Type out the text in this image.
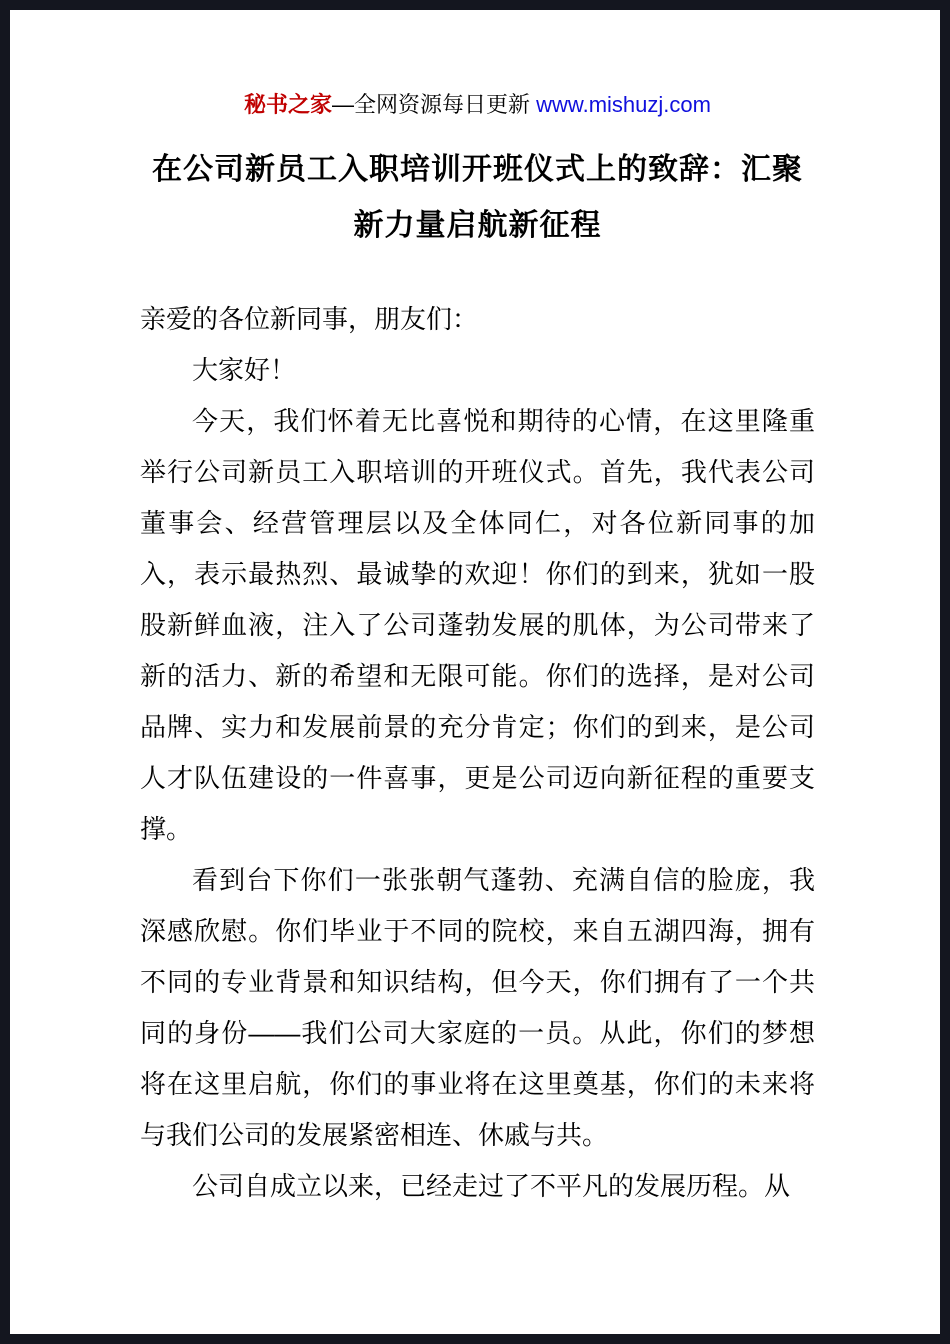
秘书之家—全网资源每日更新 www.mishuzj.com
在公司新员工入职培训开班仪式上的致辞：汇聚新力量启航新征程

亲爱的各位新同事，朋友们：

大家好！

今天，我们怀着无比喜悦和期待的心情，在这里隆重举行公司新员工入职培训的开班仪式。首先，我代表公司董事会、经营管理层以及全体同仁，对各位新同事的加入，表示最热烈、最诚挚的欢迎！你们的到来，犹如一股股新鲜血液，注入了公司蓬勃发展的肌体，为公司带来了新的活力、新的希望和无限可能。你们的选择，是对公司品牌、实力和发展前景的充分肯定；你们的到来，是公司人才队伍建设的一件喜事，更是公司迈向新征程的重要支撑。

看到台下你们一张张朝气蓬勃、充满自信的脸庞，我深感欣慰。你们毕业于不同的院校，来自五湖四海，拥有不同的专业背景和知识结构，但今天，你们拥有了一个共同的身份——我们公司大家庭的一员。从此，你们的梦想将在这里启航，你们的事业将在这里奠基，你们的未来将与我们公司的发展紧密相连、休戚与共。

公司自成立以来，已经走过了不平凡的发展历程。从
